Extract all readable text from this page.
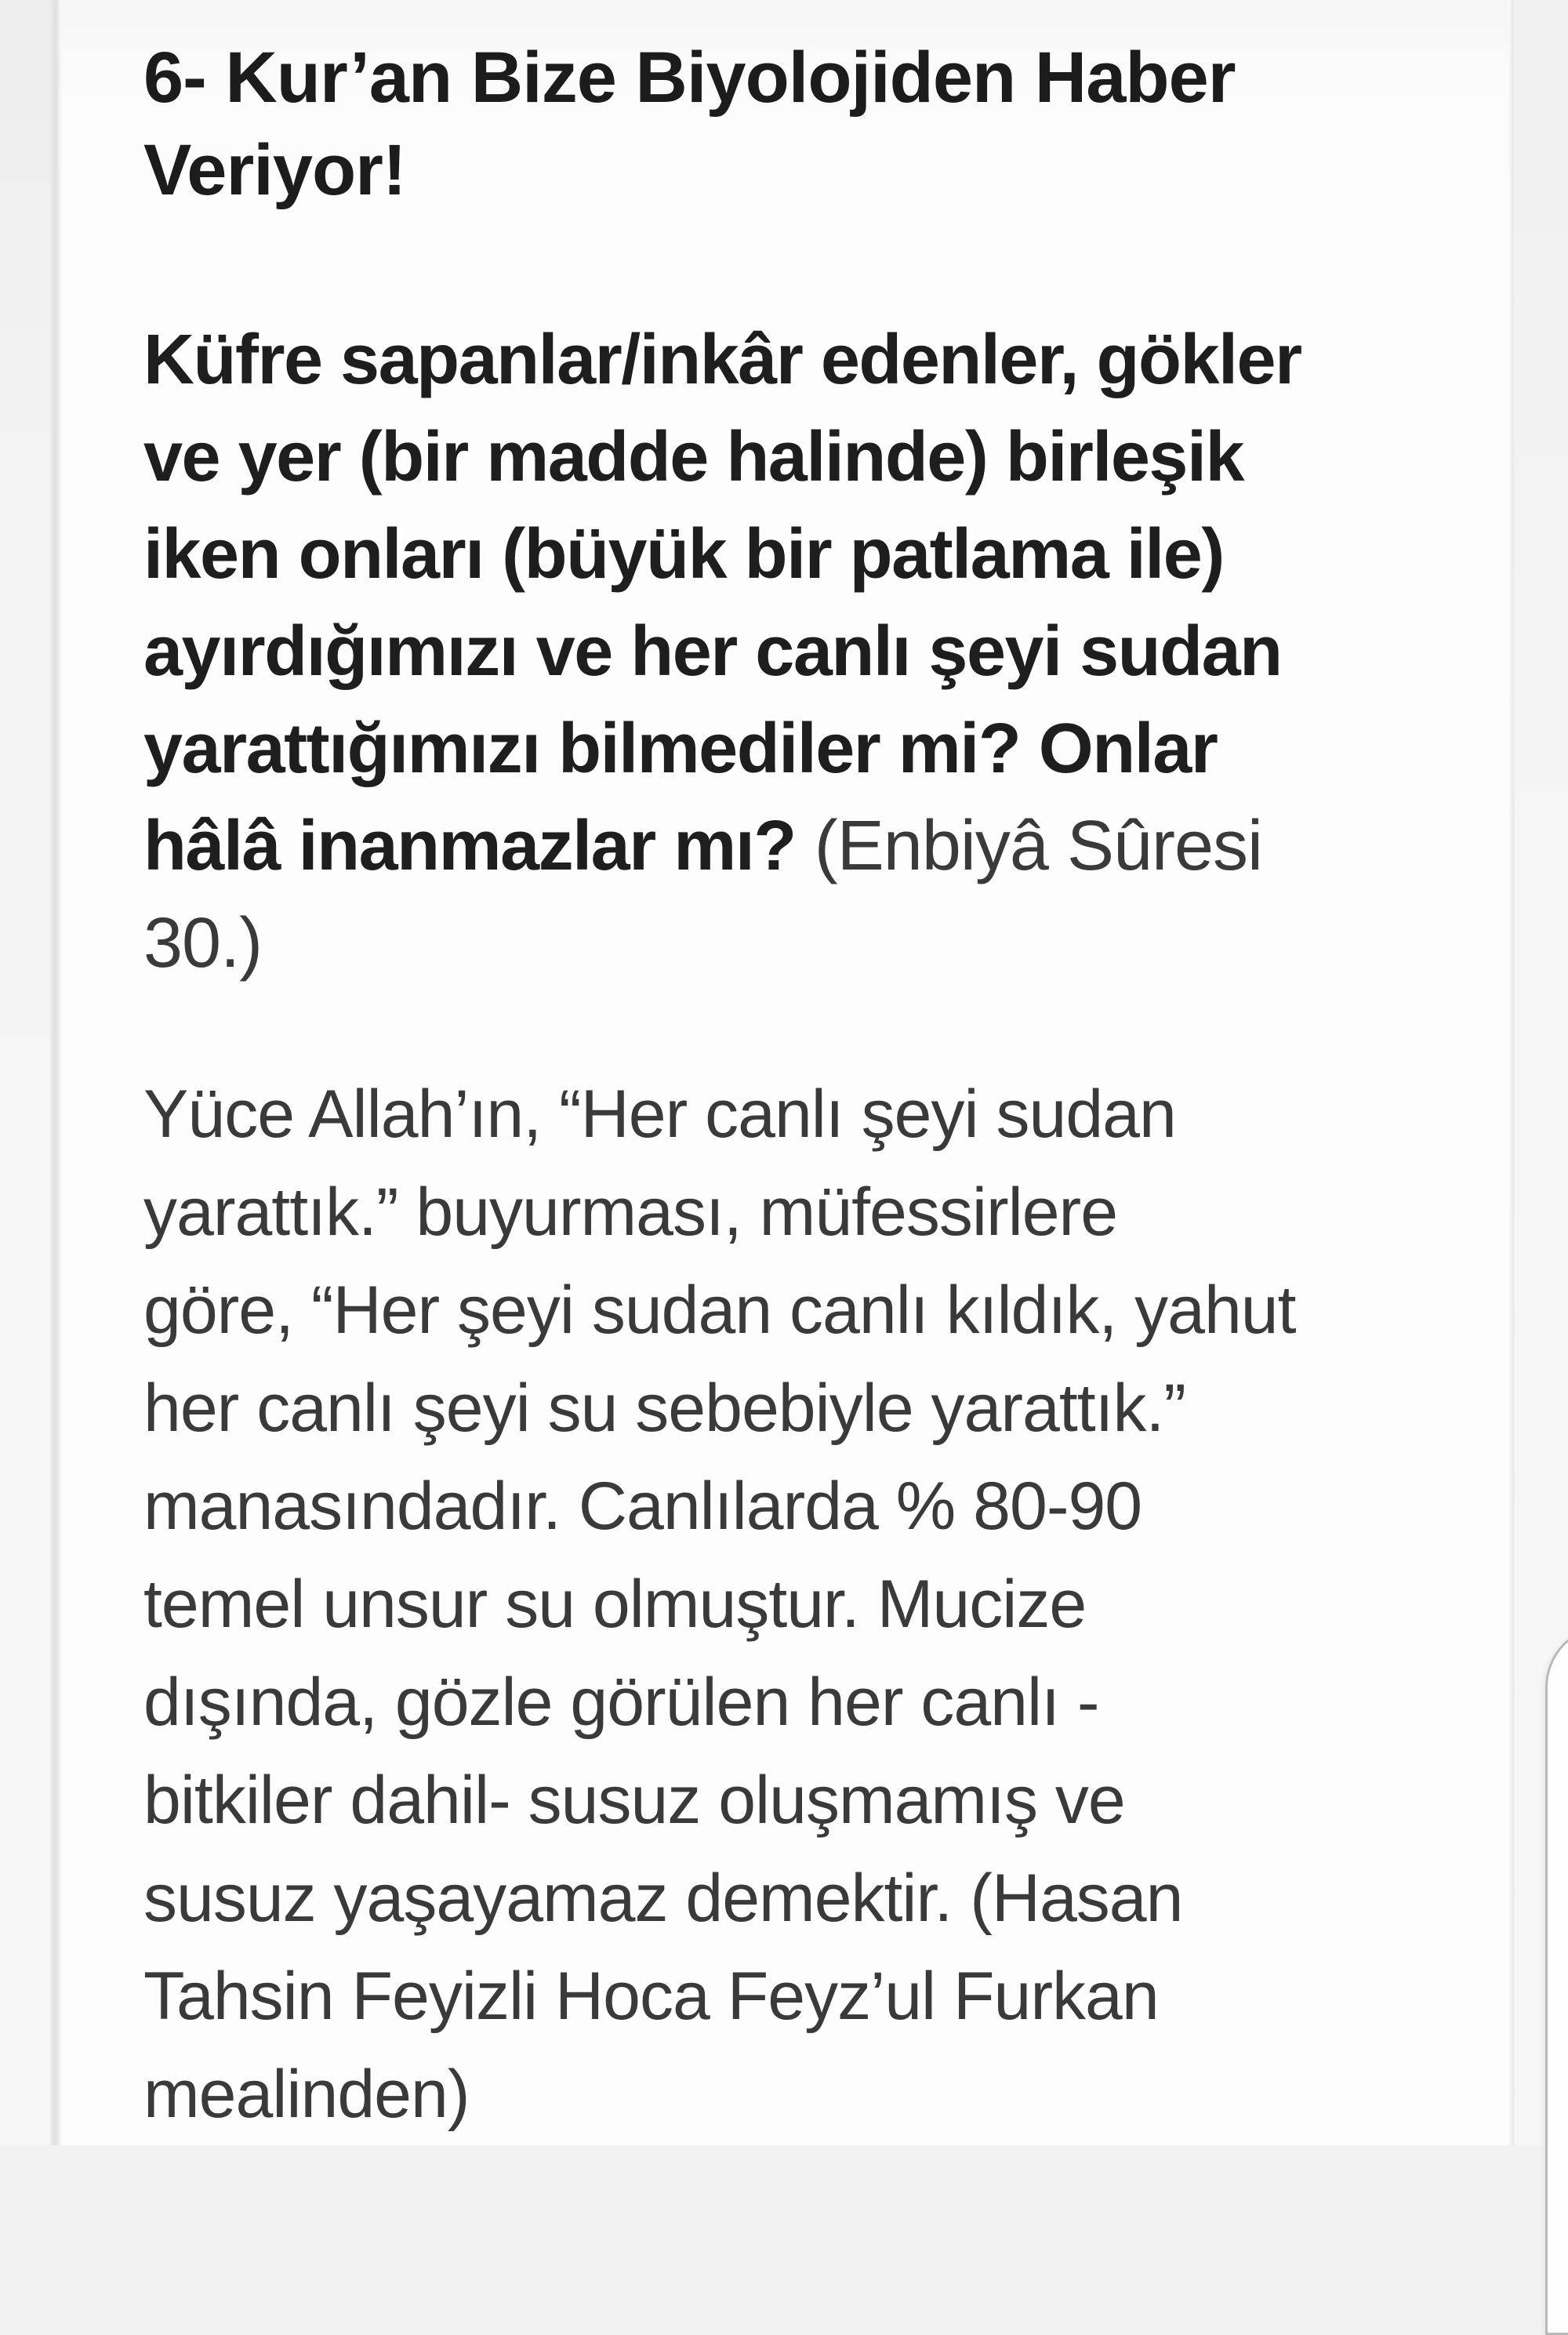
6- Kur’an Bize Biyolojiden Haber
Veriyor!
Küfre sapanlar/inkâr edenler, gökler
ve yer (bir madde halinde) birleşik
iken onları (büyük bir patlama ile)
ayırdığımızı ve her canlı şeyi sudan
yarattığımızı bilmediler mi? Onlar
hâlâ inanmazlar mı? (Enbiyâ Sûresi
30.)
Yüce Allah’ın, “Her canlı şeyi sudan
yarattık.” buyurması, müfessirlere
göre, “Her şeyi sudan canlı kıldık, yahut
her canlı şeyi su sebebiyle yarattık.”
manasındadır. Canlılarda % 80-90
temel unsur su olmuştur. Mucize
dışında, gözle görülen her canlı -
bitkiler dahil- susuz oluşmamış ve
susuz yaşayamaz demektir. (Hasan
Tahsin Feyizli Hoca Feyz’ul Furkan
mealinden)
